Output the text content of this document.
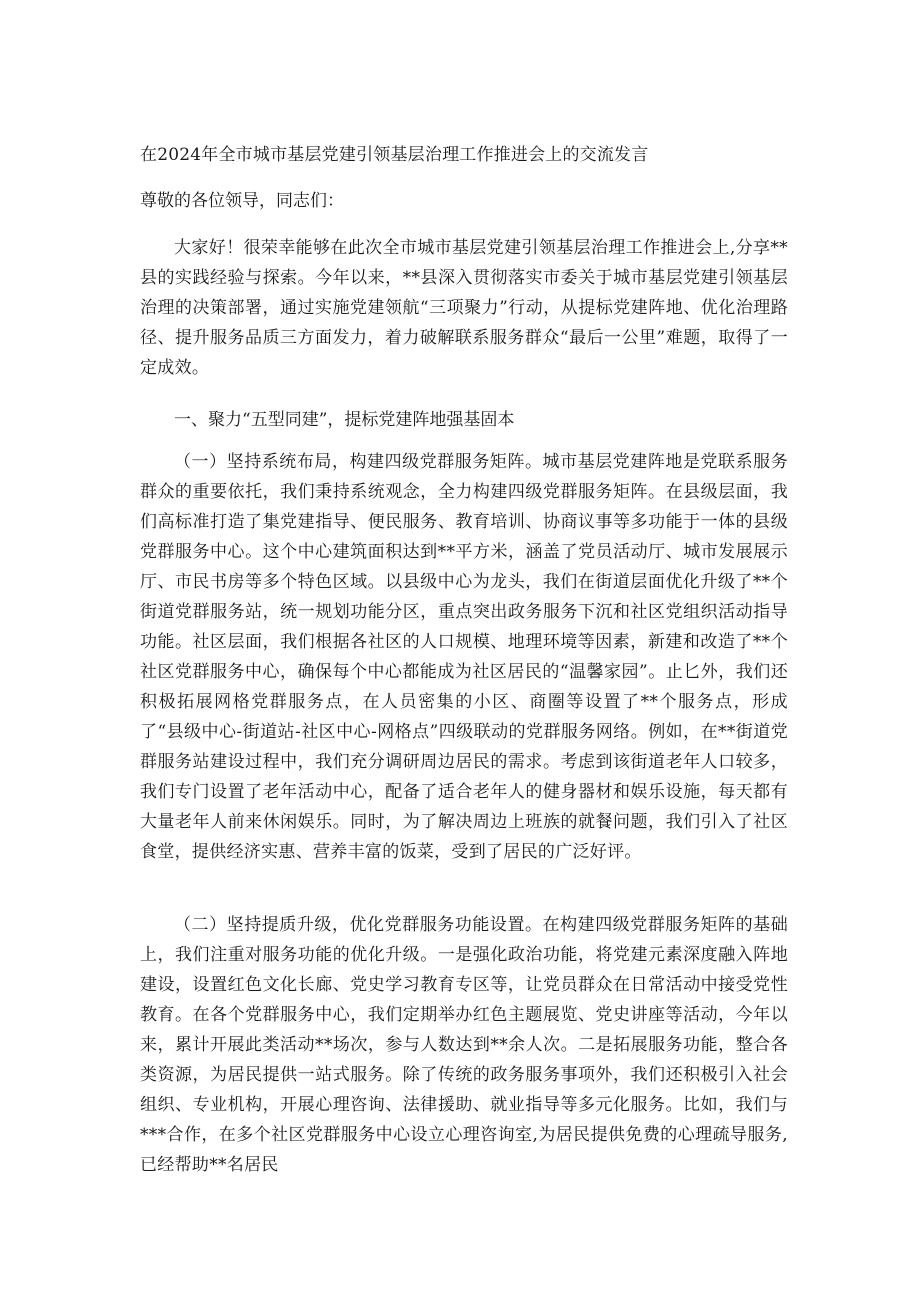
在2024年全市城市基层党建引领基层治理工作推进会上的交流发言
尊敬的各位领导，同志们：

大家好！很荣幸能够在此次全市城市基层党建引领基层治理工作推进会上,分享**县的实践经验与探索。今年以来，**县深入贯彻落实市委关于城市基层党建引领基层治理的决策部署，通过实施党建领航“三项聚力”行动，从提标党建阵地、优化治理路径、提升服务品质三方面发力，着力破解联系服务群众“最后一公里”难题，取得了一定成效。

一、聚力“五型同建”，提标党建阵地强基固本

（一）坚持系统布局，构建四级党群服务矩阵。城市基层党建阵地是党联系服务群众的重要依托，我们秉持系统观念，全力构建四级党群服务矩阵。在县级层面，我们高标准打造了集党建指导、便民服务、教育培训、协商议事等多功能于一体的县级党群服务中心。这个中心建筑面积达到**平方米，涵盖了党员活动厅、城市发展展示厅、市民书房等多个特色区域。以县级中心为龙头，我们在街道层面优化升级了**个街道党群服务站，统一规划功能分区，重点突出政务服务下沉和社区党组织活动指导功能。社区层面，我们根据各社区的人口规模、地理环境等因素，新建和改造了**个社区党群服务中心，确保每个中心都能成为社区居民的“温馨家园”。止匕外，我们还积极拓展网格党群服务点，在人员密集的小区、商圈等设置了**个服务点，形成了“县级中心-街道站-社区中心-网格点”四级联动的党群服务网络。例如，在**街道党群服务站建设过程中，我们充分调研周边居民的需求。考虑到该街道老年人口较多，我们专门设置了老年活动中心，配备了适合老年人的健身器材和娱乐设施，每天都有大量老年人前来休闲娱乐。同时，为了解决周边上班族的就餐问题，我们引入了社区食堂，提供经济实惠、营养丰富的饭菜，受到了居民的广泛好评。

（二）坚持提质升级，优化党群服务功能设置。在构建四级党群服务矩阵的基础上，我们注重对服务功能的优化升级。一是强化政治功能，将党建元素深度融入阵地建设，设置红色文化长廊、党史学习教育专区等，让党员群众在日常活动中接受党性教育。在各个党群服务中心，我们定期举办红色主题展览、党史讲座等活动，今年以来，累计开展此类活动**场次，参与人数达到**余人次。二是拓展服务功能，整合各类资源，为居民提供一站式服务。除了传统的政务服务事项外，我们还积极引入社会组织、专业机构，开展心理咨询、法律援助、就业指导等多元化服务。比如，我们与***合作，在多个社区党群服务中心设立心理咨询室,为居民提供免费的心理疏导服务,已经帮助**名居民
